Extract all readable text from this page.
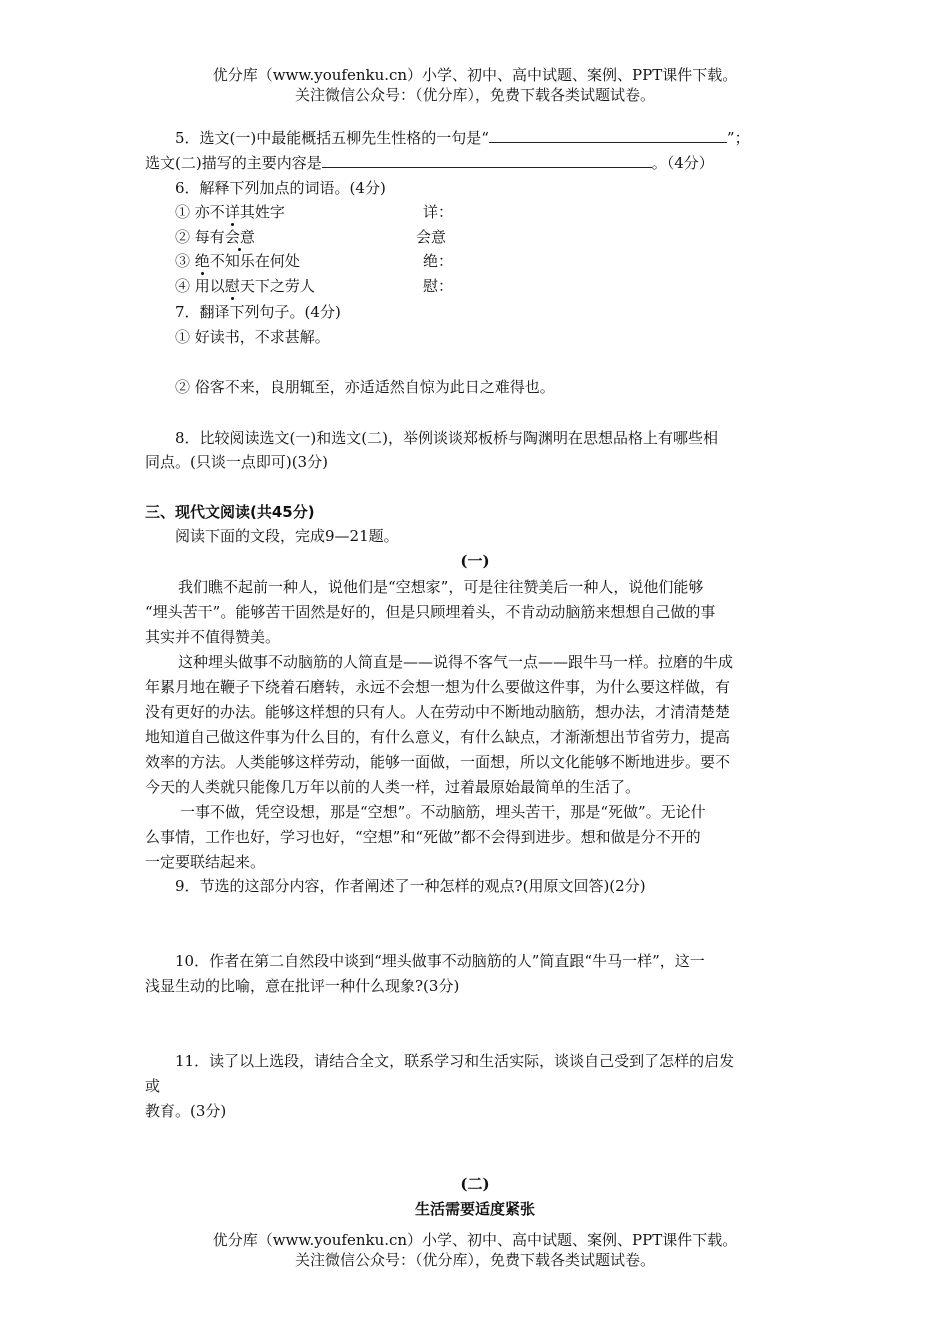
优分库（www.youfenku.cn）小学、初中、高中试题、案例、PPT课件下载。
关注微信公众号：（优分库），免费下载各类试题试卷。
5．选文(一)中最能概括五柳先生性格的一句是“	”；
选文(二)描写的主要内容是	。（4分）
6．解释下列加点的词语。(4分)
① 亦不详其姓字	详：
② 每有会意	会意
③ 绝不知乐在何处	绝：
④ 用以慰天下之劳人	慰：
7．翻译下列句子。(4分)
① 好读书，不求甚解。
② 俗客不来，良朋辄至，亦适适然自惊为此日之难得也。
8．比较阅读选文(一)和选文(二)，举例谈谈郑板桥与陶渊明在思想品格上有哪些相
同点。(只谈一点即可)(3分)
三、现代文阅读(共45分)
阅读下面的文段，完成9—21题。
(一)
我们瞧不起前一种人，说他们是“空想家”，可是往往赞美后一种人，说他们能够
“埋头苦干”。能够苦干固然是好的，但是只顾埋着头，不肯动动脑筋来想想自己做的事
其实并不值得赞美。
这种埋头做事不动脑筋的人简直是——说得不客气一点——跟牛马一样。拉磨的牛成
年累月地在鞭子下绕着石磨转，永远不会想一想为什么要做这件事，为什么要这样做，有
没有更好的办法。能够这样想的只有人。人在劳动中不断地动脑筋，想办法，才清清楚楚
地知道自己做这件事为什么目的，有什么意义，有什么缺点，才渐渐想出节省劳力，提高
效率的方法。人类能够这样劳动，能够一面做，一面想，所以文化能够不断地进步。要不
今天的人类就只能像几万年以前的人类一样，过着最原始最简单的生活了。
一事不做，凭空设想，那是“空想”。不动脑筋，埋头苦干，那是“死做”。无论什
么事情，工作也好，学习也好，“空想”和“死做”都不会得到进步。想和做是分不开的
一定要联结起来。
9．节选的这部分内容，作者阐述了一种怎样的观点?(用原文回答)(2分)
10．作者在第二自然段中谈到“埋头做事不动脑筋的人”简直跟“牛马一样”，这一
浅显生动的比喻，意在批评一种什么现象?(3分)
11．读了以上选段，请结合全文，联系学习和生活实际，谈谈自己受到了怎样的启发
或
教育。(3分)
(二)
生活需要适度紧张
优分库（www.youfenku.cn）小学、初中、高中试题、案例、PPT课件下载。
关注微信公众号：（优分库），免费下载各类试题试卷。
